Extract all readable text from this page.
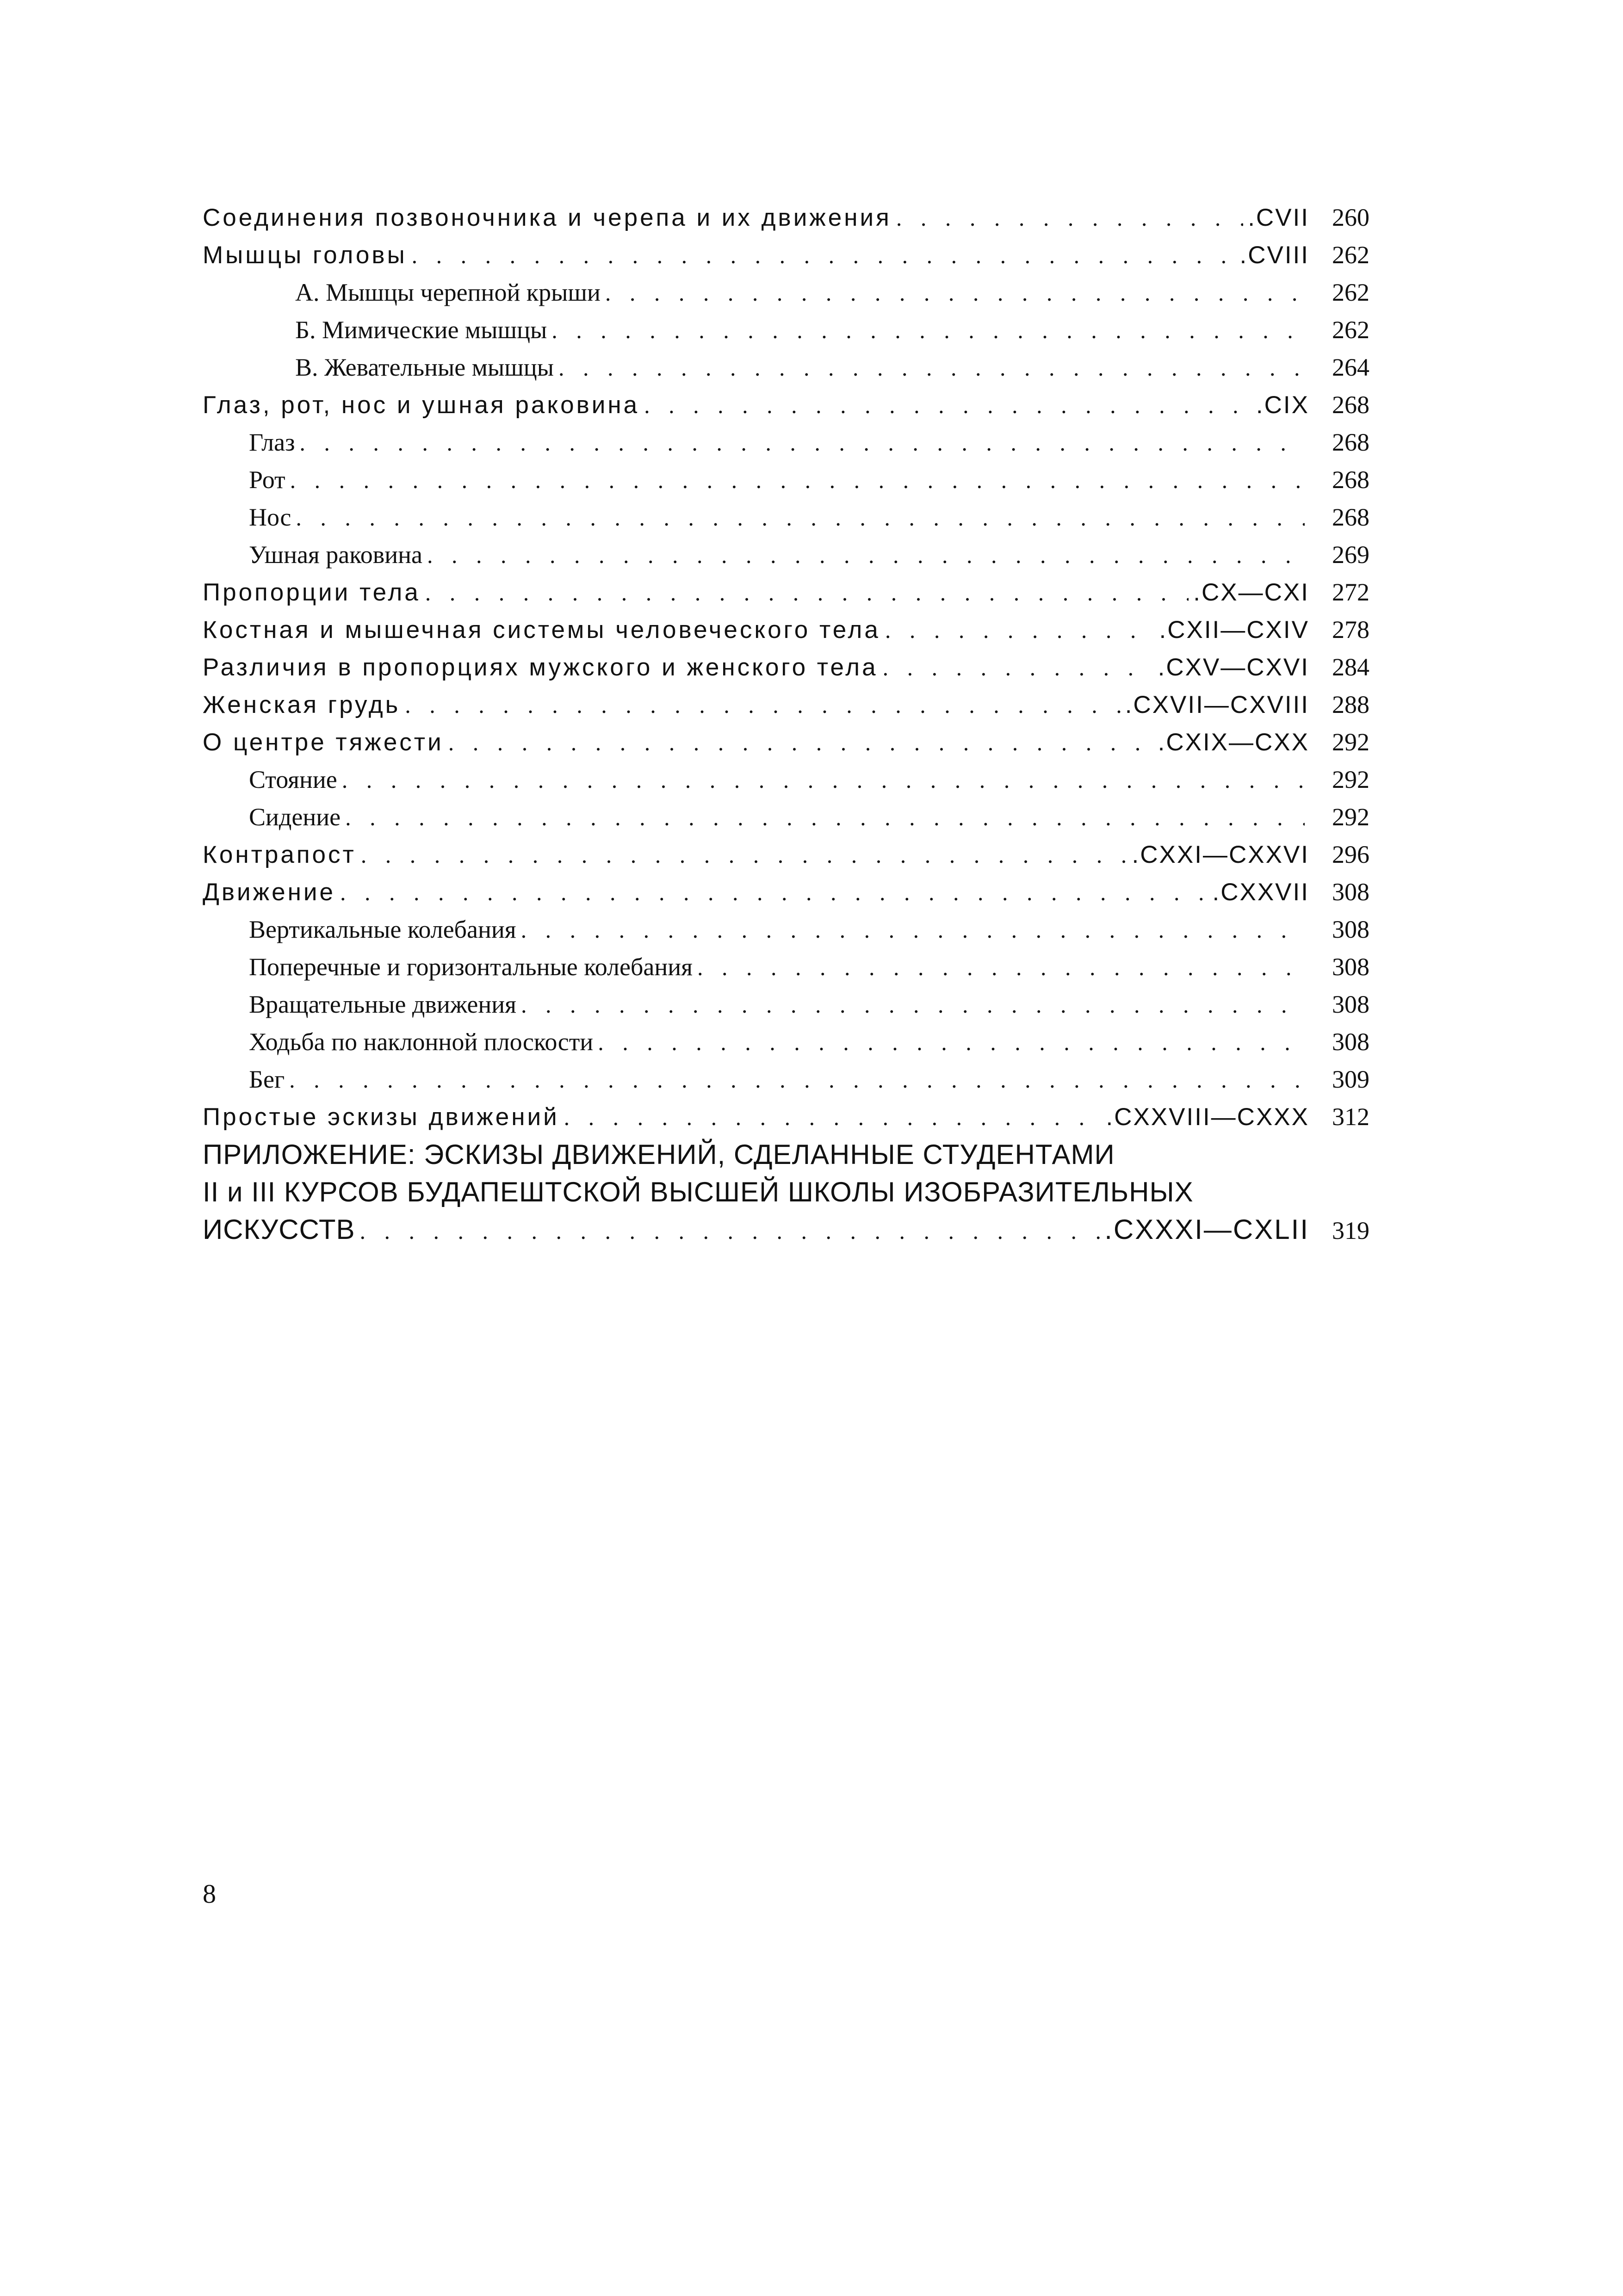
Соединения позвоночника и черепа и их движения . . .	.CVII 260
Мышцы головы . . .	.CVIII 262
А. Мышцы черепной крыши . . .	262
Б. Мимические мышцы . . .	262
В. Жевательные мышцы . . .	264
Глаз, рот, нос и ушная раковина . . .	.CIX 268
Глаз . . .	268
Рот . . .	268
Нос . . .	268
Ушная раковина . . .	269
Пропорции тела . . .	.CX—CXI 272
Костная и мышечная системы человеческого тела . . .	.CXII—CXIV 278
Различия в пропорциях мужского и женского тела . . .	.CXV—CXVI 284
Женская грудь . . .	.CXVII—CXVIII 288
О центре тяжести . . .	.CXIX—CXX 292
Стояние . . .	292
Сидение . . .	292
Контрапост . . .	.CXXI—CXXVI 296
Движение . . .	.CXXVII 308
Вертикальные колебания . . .	308
Поперечные и горизонтальные колебания . . .	308
Вращательные движения . . .	308
Ходьба по наклонной плоскости . . .	308
Бег . . .	309
Простые эскизы движений . . .	.CXXVIII—CXXX 312
ПРИЛОЖЕНИЕ: ЭСКИЗЫ ДВИЖЕНИЙ, СДЕЛАННЫЕ СТУДЕНТАМИ
II и III КУРСОВ БУДАПЕШТСКОЙ ВЫСШЕЙ ШКОЛЫ ИЗОБРАЗИТЕЛЬНЫХ
ИСКУССТВ . . .	.CXXXI—CXLII 319
8
